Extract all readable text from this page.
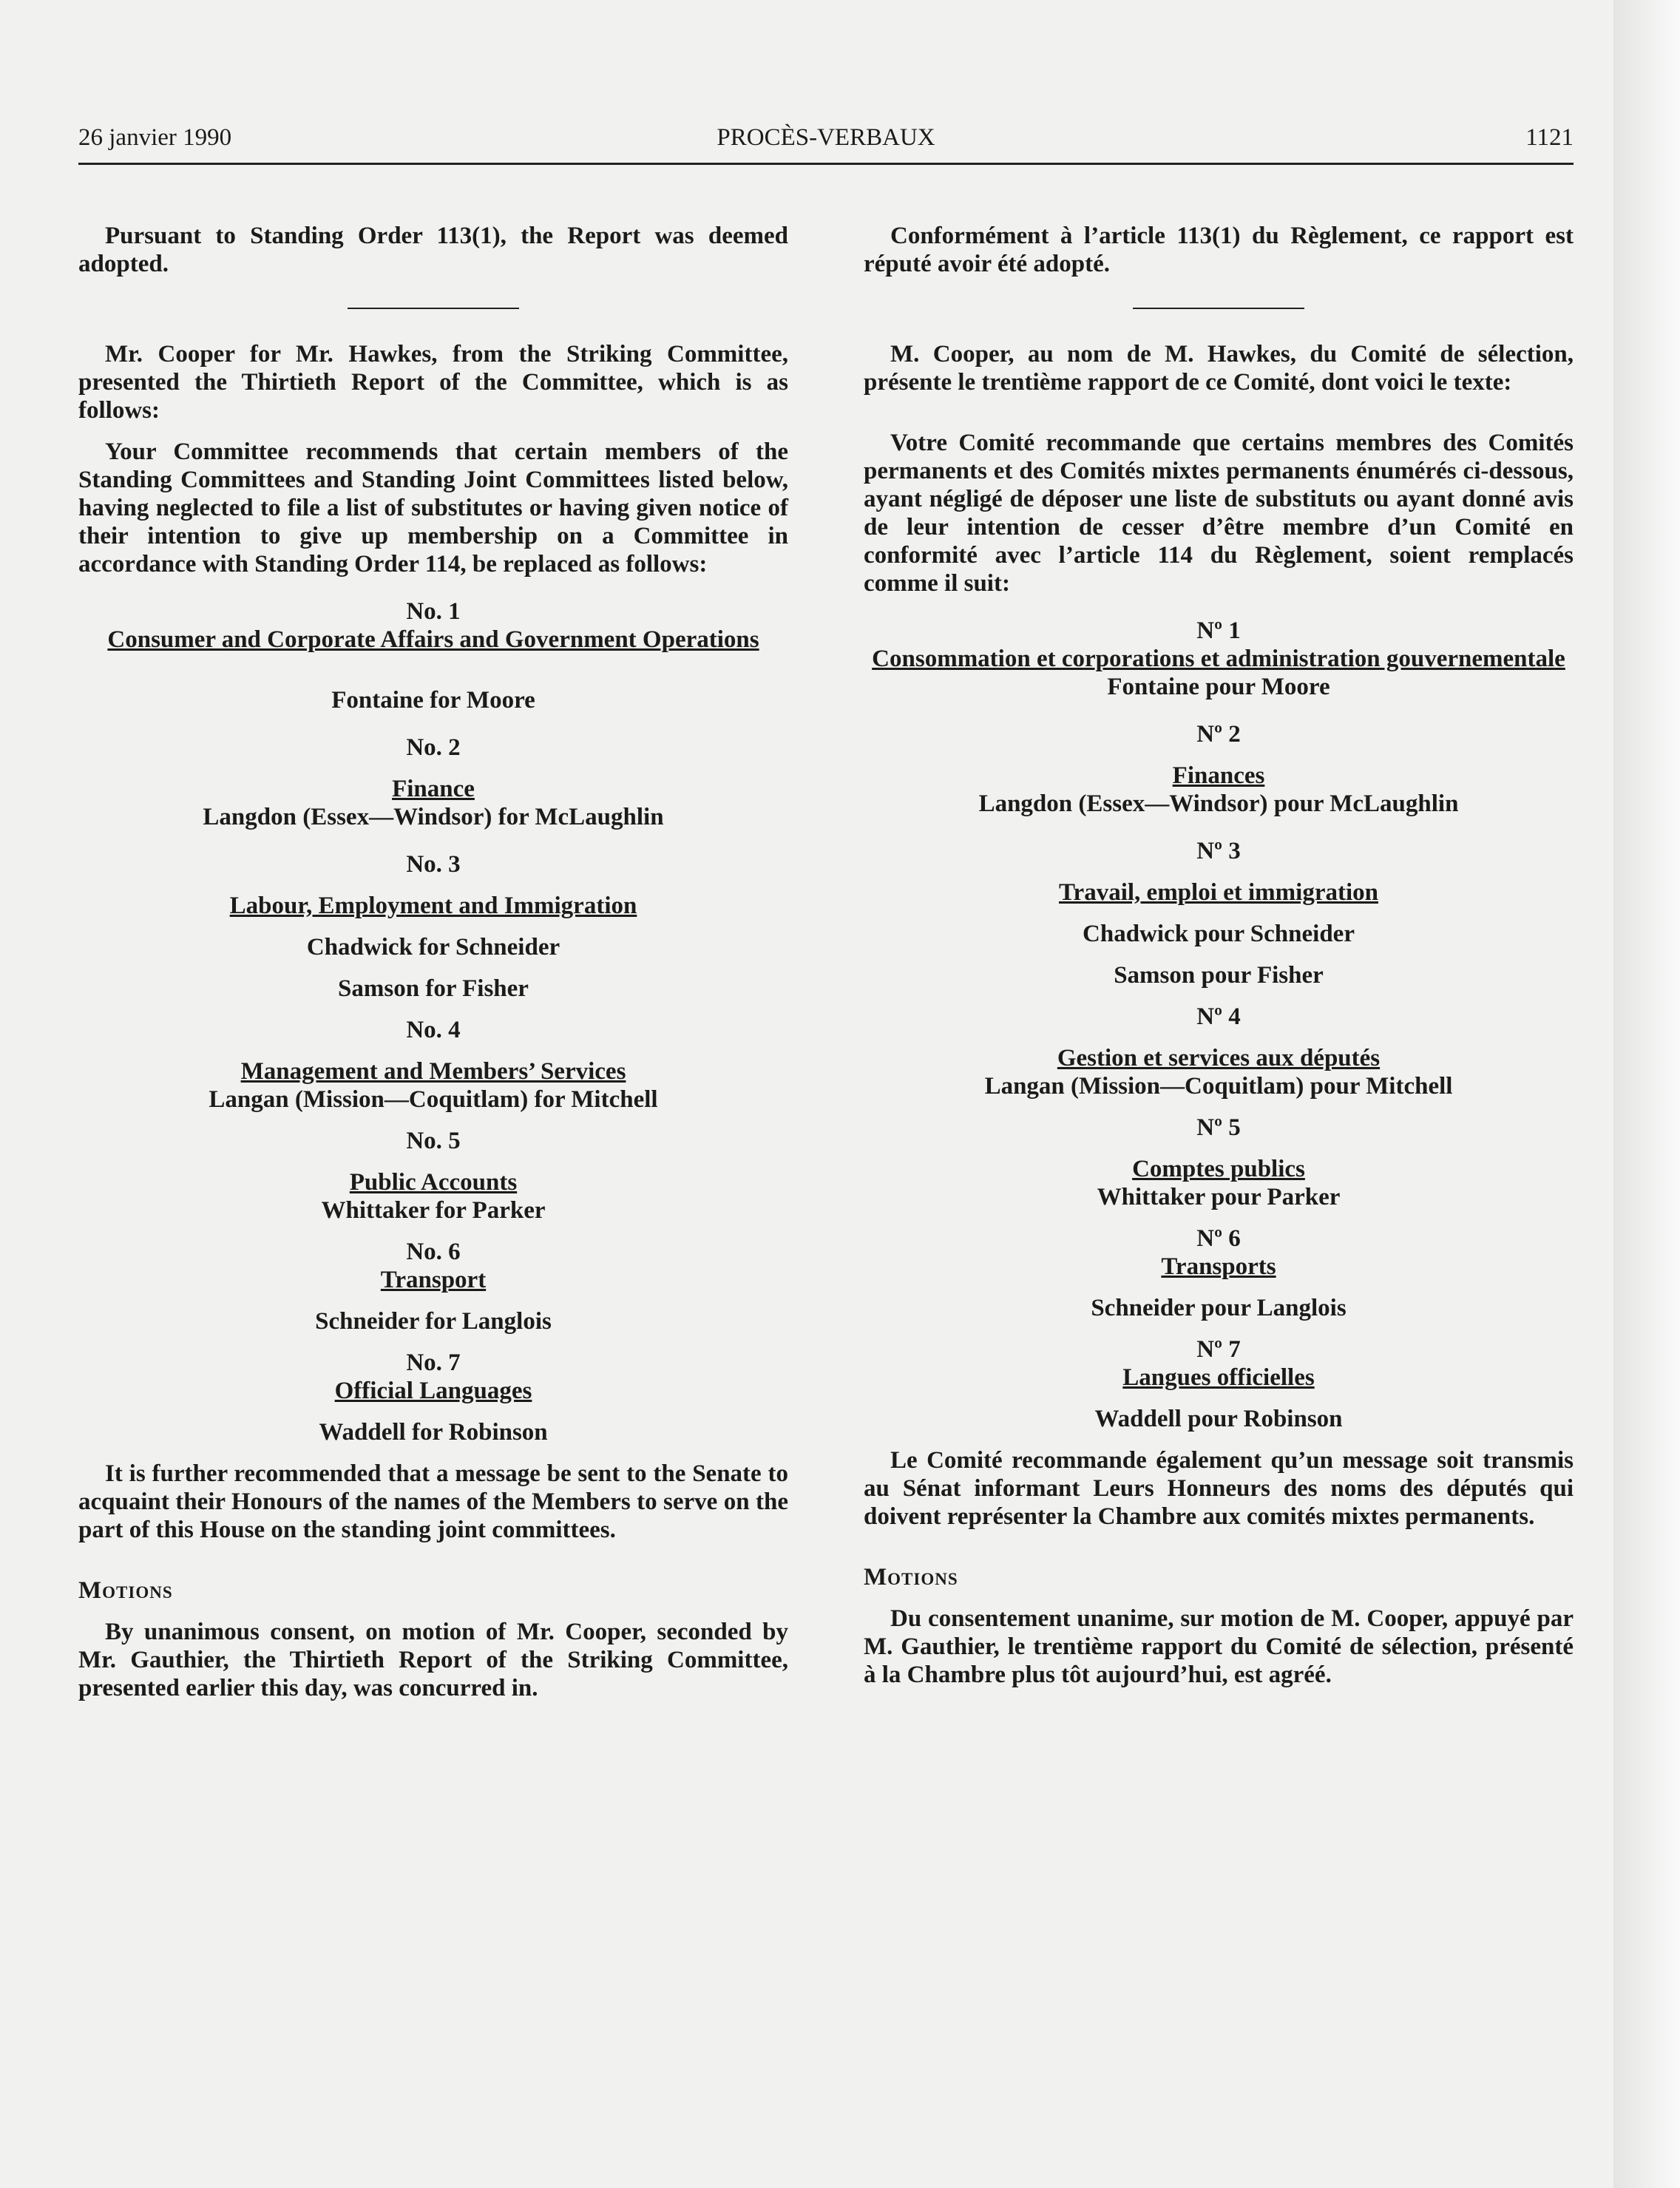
26 janvier 1990	PROCÈS-VERBAUX	1121

Pursuant to Standing Order 113(1), the Report was deemed adopted.

Mr. Cooper for Mr. Hawkes, from the Striking Committee, presented the Thirtieth Report of the Committee, which is as follows:

Your Committee recommends that certain members of the Standing Committees and Standing Joint Committees listed below, having neglected to file a list of substitutes or having given notice of their intention to give up membership on a Committee in accordance with Standing Order 114, be replaced as follows:

No. 1

Consumer and Corporate Affairs and Government Operations

Fontaine for Moore

No. 2

Finance

Langdon (Essex—Windsor) for McLaughlin

No. 3

Labour, Employment and Immigration

Chadwick for Schneider

Samson for Fisher

No. 4

Management and Members’ Services

Langan (Mission—Coquitlam) for Mitchell

No. 5

Public Accounts

Whittaker for Parker

No. 6

Transport

Schneider for Langlois

No. 7

Official Languages

Waddell for Robinson

It is further recommended that a message be sent to the Senate to acquaint their Honours of the names of the Members to serve on the part of this House on the standing joint committees.

Motions

By unanimous consent, on motion of Mr. Cooper, seconded by Mr. Gauthier, the Thirtieth Report of the Striking Committee, presented earlier this day, was concurred in.

Conformément à l’article 113(1) du Règlement, ce rapport est réputé avoir été adopté.

M. Cooper, au nom de M. Hawkes, du Comité de sélection, présente le trentième rapport de ce Comité, dont voici le texte:

Votre Comité recommande que certains membres des Comités permanents et des Comités mixtes permanents énumérés ci-dessous, ayant négligé de déposer une liste de substituts ou ayant donné avis de leur intention de cesser d’être membre d’un Comité en conformité avec l’article 114 du Règlement, soient remplacés comme il suit:

Nº 1

Consommation et corporations et administration gouvernementale

Fontaine pour Moore

Nº 2

Finances

Langdon (Essex—Windsor) pour McLaughlin

Nº 3

Travail, emploi et immigration

Chadwick pour Schneider

Samson pour Fisher

Nº 4

Gestion et services aux députés

Langan (Mission—Coquitlam) pour Mitchell

Nº 5

Comptes publics

Whittaker pour Parker

Nº 6

Transports

Schneider pour Langlois

Nº 7

Langues officielles

Waddell pour Robinson

Le Comité recommande également qu’un message soit transmis au Sénat informant Leurs Honneurs des noms des députés qui doivent représenter la Chambre aux comités mixtes permanents.

Motions

Du consentement unanime, sur motion de M. Cooper, appuyé par M. Gauthier, le trentième rapport du Comité de sélection, présenté à la Chambre plus tôt aujourd’hui, est agréé.
